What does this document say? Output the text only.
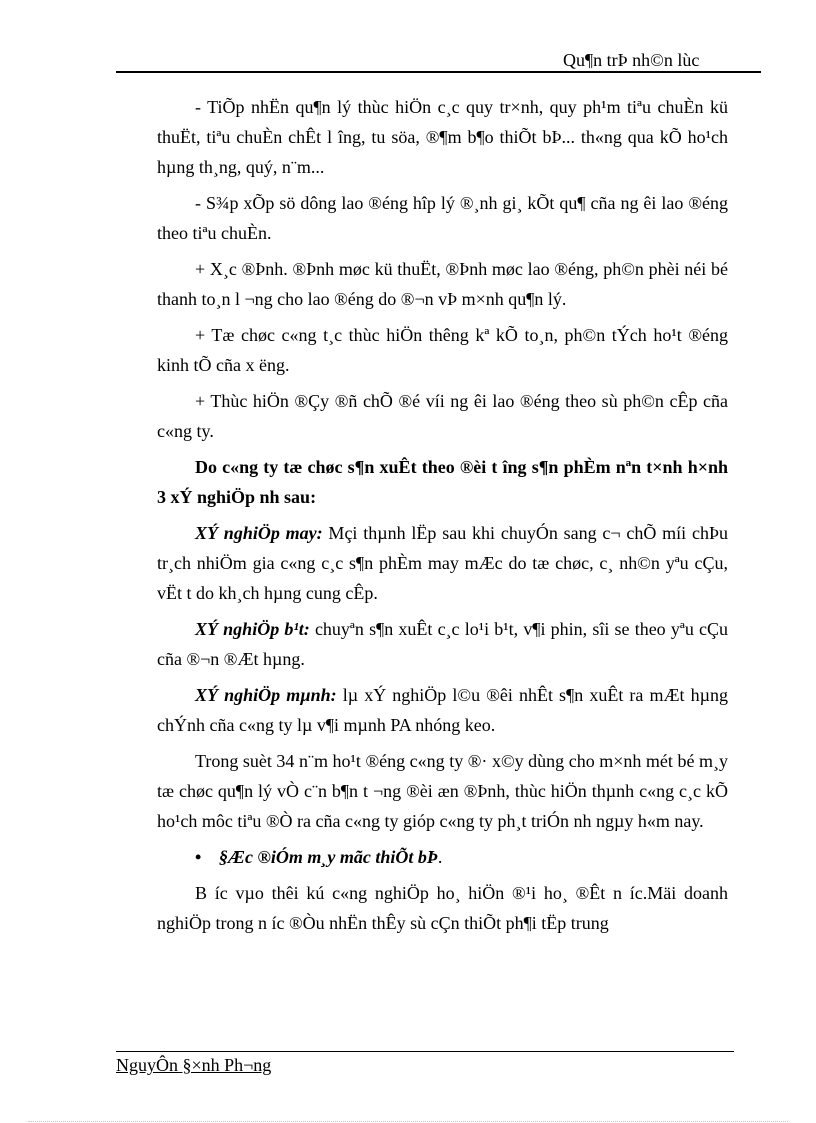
Qu¶n trÞ nh©n lùc

- TiÕp nhËn qu¶n lý thùc hiÖn c¸c quy tr×nh, quy ph¹m tiªu chuÈn kü thuËt, tiªu chuÈn chÊt l îng, tu söa, ®¶m b¶o thiÕt bÞ... th«ng qua kÕ ho¹ch hµng th¸ng, quý, n¨m...

- S¾p xÕp sö dông lao ®éng hîp lý ®¸nh gi¸ kÕt qu¶ cña ng êi lao ®éng theo tiªu chuÈn.

+ X¸c ®Þnh. ®Þnh møc kü thuËt, ®Þnh møc lao ®éng, ph©n phèi néi bé thanh to¸n l ¬ng cho lao ®éng do ®¬n vÞ m×nh qu¶n lý.

+ Tæ chøc c«ng t¸c thùc hiÖn thêng kª kÕ to¸n, ph©n tÝch ho¹t ®éng kinh tÕ cña x ëng.

+ Thùc hiÖn ®Çy ®ñ chÕ ®é víi ng êi lao ®éng theo sù ph©n cÊp cña c«ng ty.

Do c«ng ty tæ chøc s¶n xuÊt theo ®èi t îng s¶n phÈm nªn t×nh h×nh 3 xÝ nghiÖp nh sau:

XÝ nghiÖp may: Mçi thµnh lËp sau khi chuyÓn sang c¬ chÕ míi chÞu tr¸ch nhiÖm gia c«ng c¸c s¶n phÈm may mÆc do tæ chøc, c¸ nh©n yªu cÇu, vËt t do kh¸ch hµng cung cÊp.

XÝ nghiÖp b¹t: chuyªn s¶n xuÊt c¸c lo¹i b¹t, v¶i phin, sîi se theo yªu cÇu cña ®¬n ®Æt hµng.

XÝ nghiÖp mµnh: lµ xÝ nghiÖp l©u ®êi nhÊt s¶n xuÊt ra mÆt hµng chÝnh cña c«ng ty lµ v¶i mµnh PA nhóng keo.

Trong suèt 34 n¨m ho¹t ®éng c«ng ty ®· x©y dùng cho m×nh mét bé m¸y tæ chøc qu¶n lý vÒ c¨n b¶n t ¬ng ®èi æn ®Þnh, thùc hiÖn thµnh c«ng c¸c kÕ ho¹ch môc tiªu ®Ò ra cña c«ng ty gióp c«ng ty ph¸t triÓn nh ngµy h«m nay.

• §Æc ®iÓm m¸y mãc thiÕt bÞ.

B íc vµo thêi kú c«ng nghiÖp ho¸ hiÖn ®¹i ho¸ ®Êt n íc.Mäi doanh nghiÖp trong n íc ®Òu nhËn thÊy sù cÇn thiÕt ph¶i tËp trung

NguyÔn §×nh Ph¬ng
